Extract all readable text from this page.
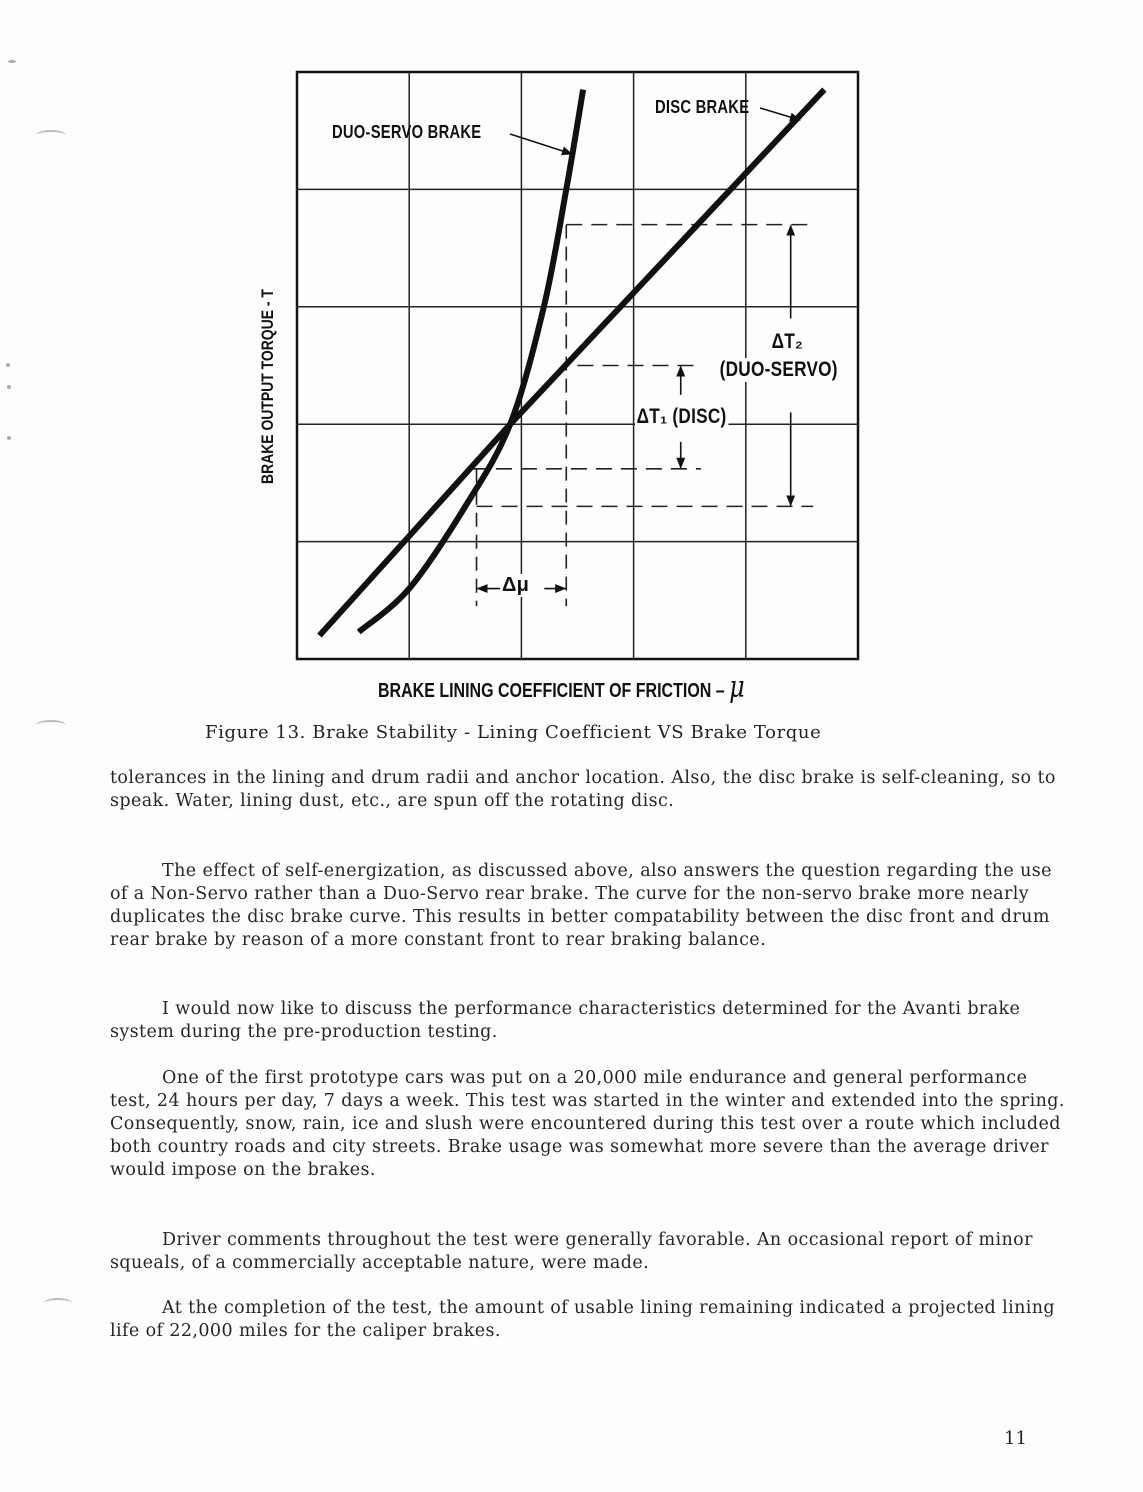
DUO-SERVO BRAKE
DISC BRAKE
ΔT₂
(DUO-SERVO)
ΔT₁ (DISC)
Δμ
BRAKE OUTPUT TORQUE - T
BRAKE LINING COEFFICIENT OF FRICTION – μ
Figure 13. Brake Stability - Lining Coefficient VS Brake Torque

tolerances in the lining and drum radii and anchor location. Also, the disc brake is self-cleaning, so to speak. Water, lining dust, etc., are spun off the rotating disc.

The effect of self-energization, as discussed above, also answers the question regarding the use of a Non-Servo rather than a Duo-Servo rear brake. The curve for the non-servo brake more nearly duplicates the disc brake curve. This results in better compatability between the disc front and drum rear brake by reason of a more constant front to rear braking balance.

I would now like to discuss the performance characteristics determined for the Avanti brake system during the pre-production testing.

One of the first prototype cars was put on a 20,000 mile endurance and general performance test, 24 hours per day, 7 days a week. This test was started in the winter and extended into the spring. Consequently, snow, rain, ice and slush were encountered during this test over a route which included both country roads and city streets. Brake usage was somewhat more severe than the average driver would impose on the brakes.

Driver comments throughout the test were generally favorable. An occasional report of minor squeals, of a commercially acceptable nature, were made.

At the completion of the test, the amount of usable lining remaining indicated a projected lining life of 22,000 miles for the caliper brakes.

11
